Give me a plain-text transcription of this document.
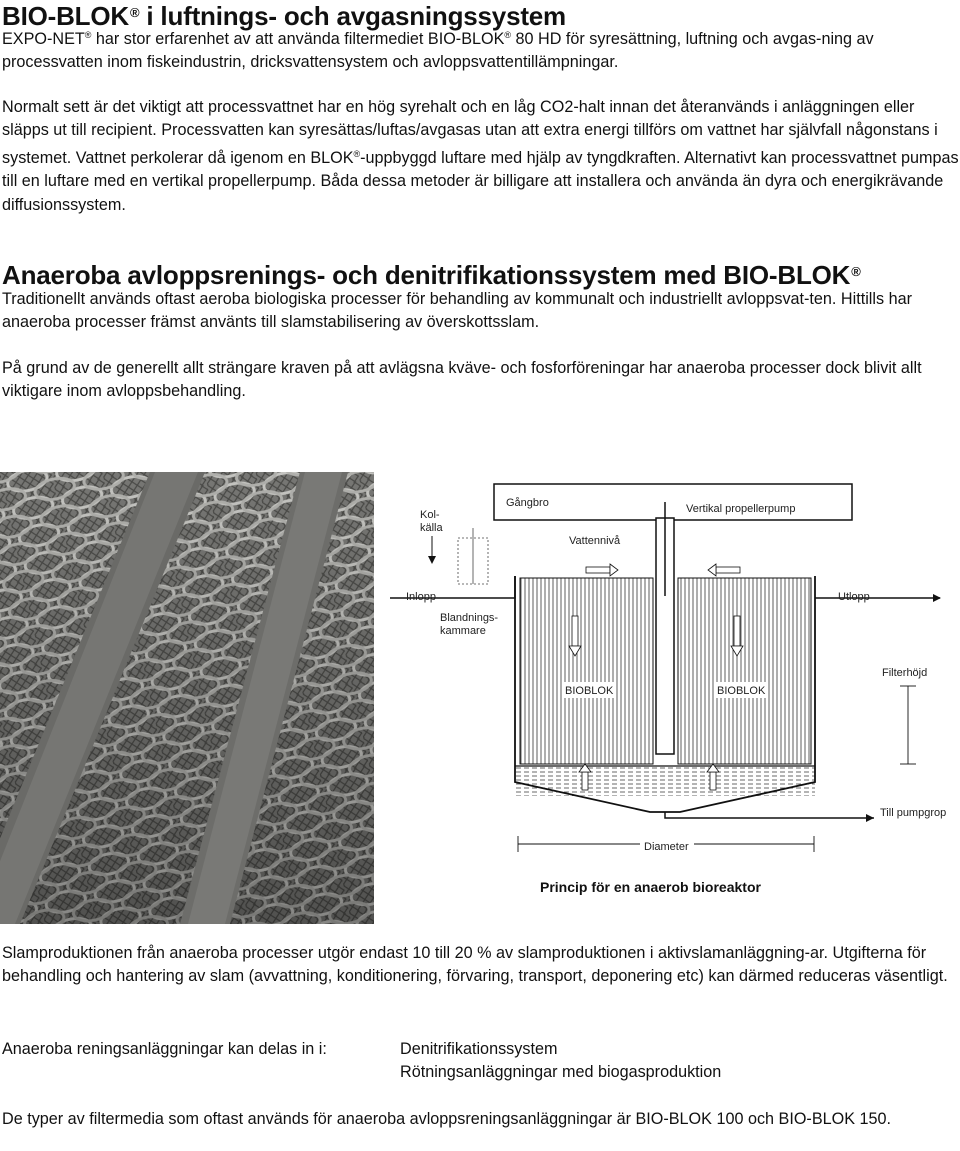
BIO-BLOK® i luftnings- och avgasningssystem

EXPO-NET® har stor erfarenhet av att använda filtermediet BIO-BLOK® 80 HD för syresättning, luftning och avgas-ning av processvatten inom fiskeindustrin, dricksvattensystem och avloppsvattentillämpningar.

Normalt sett är det viktigt att processvattnet har en hög syrehalt och en låg CO2-halt innan det återanvänds i anläggningen eller släpps ut till recipient. Processvatten kan syresättas/luftas/avgasas utan att extra energi tillförs om vattnet har självfall någonstans i systemet. Vattnet perkolerar då igenom en BLOK®-uppbyggd luftare med hjälp av tyngdkraften. Alternativt kan processvattnet pumpas till en luftare med en vertikal propellerpump. Båda dessa metoder är billigare att installera och använda än dyra och energikrävande diffusionssystem.

Anaeroba avloppsrenings- och denitrifikationssystem med BIO-BLOK®

Traditionellt används oftast aeroba biologiska processer för behandling av kommunalt och industriellt avloppsvat-ten. Hittills har anaeroba processer främst använts till slamstabilisering av överskottsslam.

På grund av de generellt allt strängare kraven på att avlägsna kväve- och fosforföreningar har anaeroba processer dock blivit allt viktigare inom avloppsbehandling.

Gångbro	Vertikal propellerpump
Kol-
källa
Vattennivå
Inlopp	Utlopp
Blandnings-
kammare
BIOBLOK	BIOBLOK
Till pumpgrop
Filterhöjd
Diameter
Princip för en anaerob bioreaktor

Slamproduktionen från anaeroba processer utgör endast 10 till 20 % av slamproduktionen i aktivslamanläggning-ar. Utgifterna för behandling och hantering av slam (avvattning, konditionering, förvaring, transport, deponering etc) kan därmed reduceras väsentligt.

Anaeroba reningsanläggningar kan delas in i:	Denitrifikationssystem
Rötningsanläggningar med biogasproduktion

De typer av filtermedia som oftast används för anaeroba avloppsreningsanläggningar är BIO-BLOK 100 och BIO-BLOK 150.
